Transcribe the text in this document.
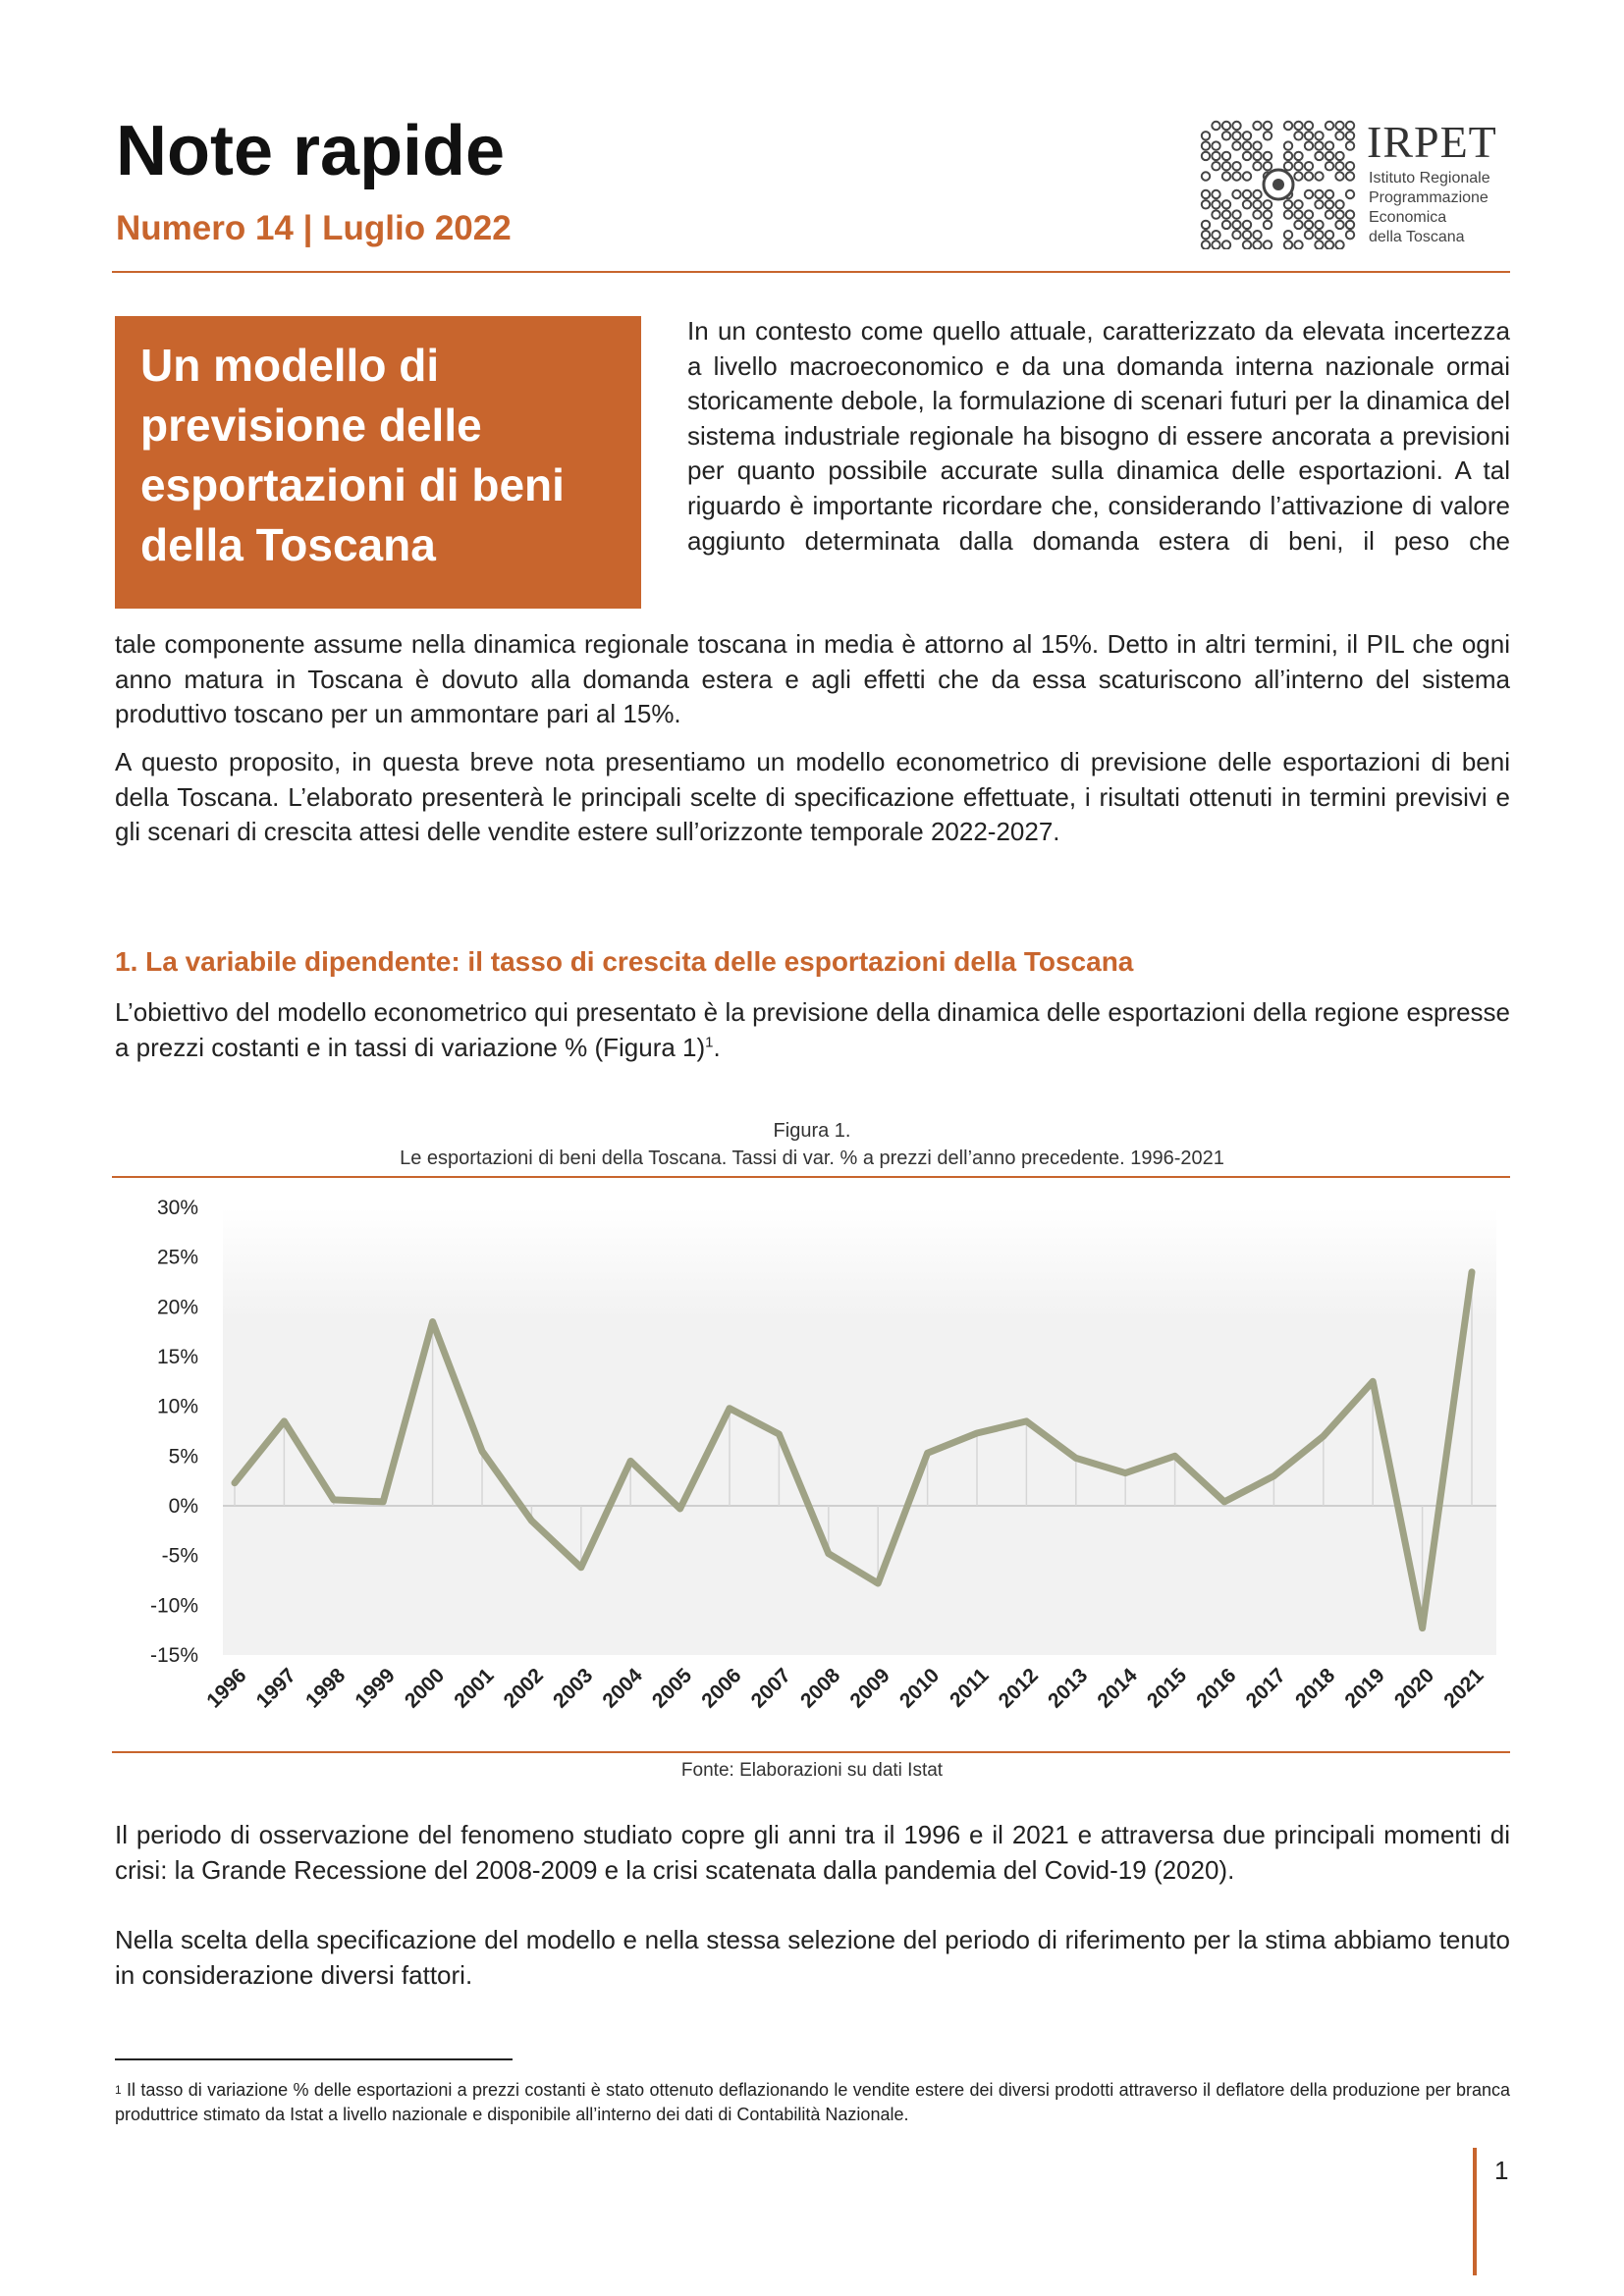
Note rapide
Numero 14 | Luglio 2022
IRPET
Istituto Regionale
Programmazione
Economica
della Toscana
Un modello di previsione delle esportazioni di beni della Toscana

In un contesto come quello attuale, caratterizzato da elevata incertezza a livello macroeconomico e da una domanda interna nazionale ormai storicamente debole, la formulazione di scenari futuri per la dinamica del sistema industriale regionale ha bisogno di essere ancorata a previsioni per quanto possibile accurate sulla dinamica delle esportazioni. A tal riguardo è importante ricordare che, considerando l’attivazione di valore aggiunto determinata dalla domanda estera di beni, il peso che

tale componente assume nella dinamica regionale toscana in media è attorno al 15%. Detto in altri termini, il PIL che ogni anno matura in Toscana è dovuto alla domanda estera e agli effetti che da essa scaturiscono all’interno del sistema produttivo toscano per un ammontare pari al 15%.

A questo proposito, in questa breve nota presentiamo un modello econometrico di previsione delle esportazioni di beni della Toscana. L’elaborato presenterà le principali scelte di specificazione effettuate, i risultati ottenuti in termini previsivi e gli scenari di crescita attesi delle vendite estere sull’orizzonte temporale 2022-2027.

1. La variabile dipendente: il tasso di crescita delle esportazioni della Toscana

L’obiettivo del modello econometrico qui presentato è la previsione della dinamica delle esportazioni della regione espresse a prezzi costanti e in tassi di variazione % (Figura 1)$^1$.

Figura 1.
Le esportazioni di beni della Toscana. Tassi di var. % a prezzi dell’anno precedente. 1996-2021
-15%
-10%
-5%
0%
5%
10%
15%
20%
25%
30%
1996 1997 1998 1999 2000 2001 2002 2003 2004 2005 2006 2007 2008 2009 2010 2011 2012 2013 2014 2015 2016 2017 2018 2019 2020 2021
Fonte: Elaborazioni su dati Istat

Il periodo di osservazione del fenomeno studiato copre gli anni tra il 1996 e il 2021 e attraversa due principali momenti di crisi: la Grande Recessione del 2008-2009 e la crisi scatenata dalla pandemia del Covid-19 (2020).

Nella scelta della specificazione del modello e nella stessa selezione del periodo di riferimento per la stima abbiamo tenuto in considerazione diversi fattori.

$^1$ Il tasso di variazione % delle esportazioni a prezzi costanti è stato ottenuto deflazionando le vendite estere dei diversi prodotti attraverso il deflatore della produzione per branca produttrice stimato da Istat a livello nazionale e disponibile all’interno dei dati di Contabilità Nazionale.

1
